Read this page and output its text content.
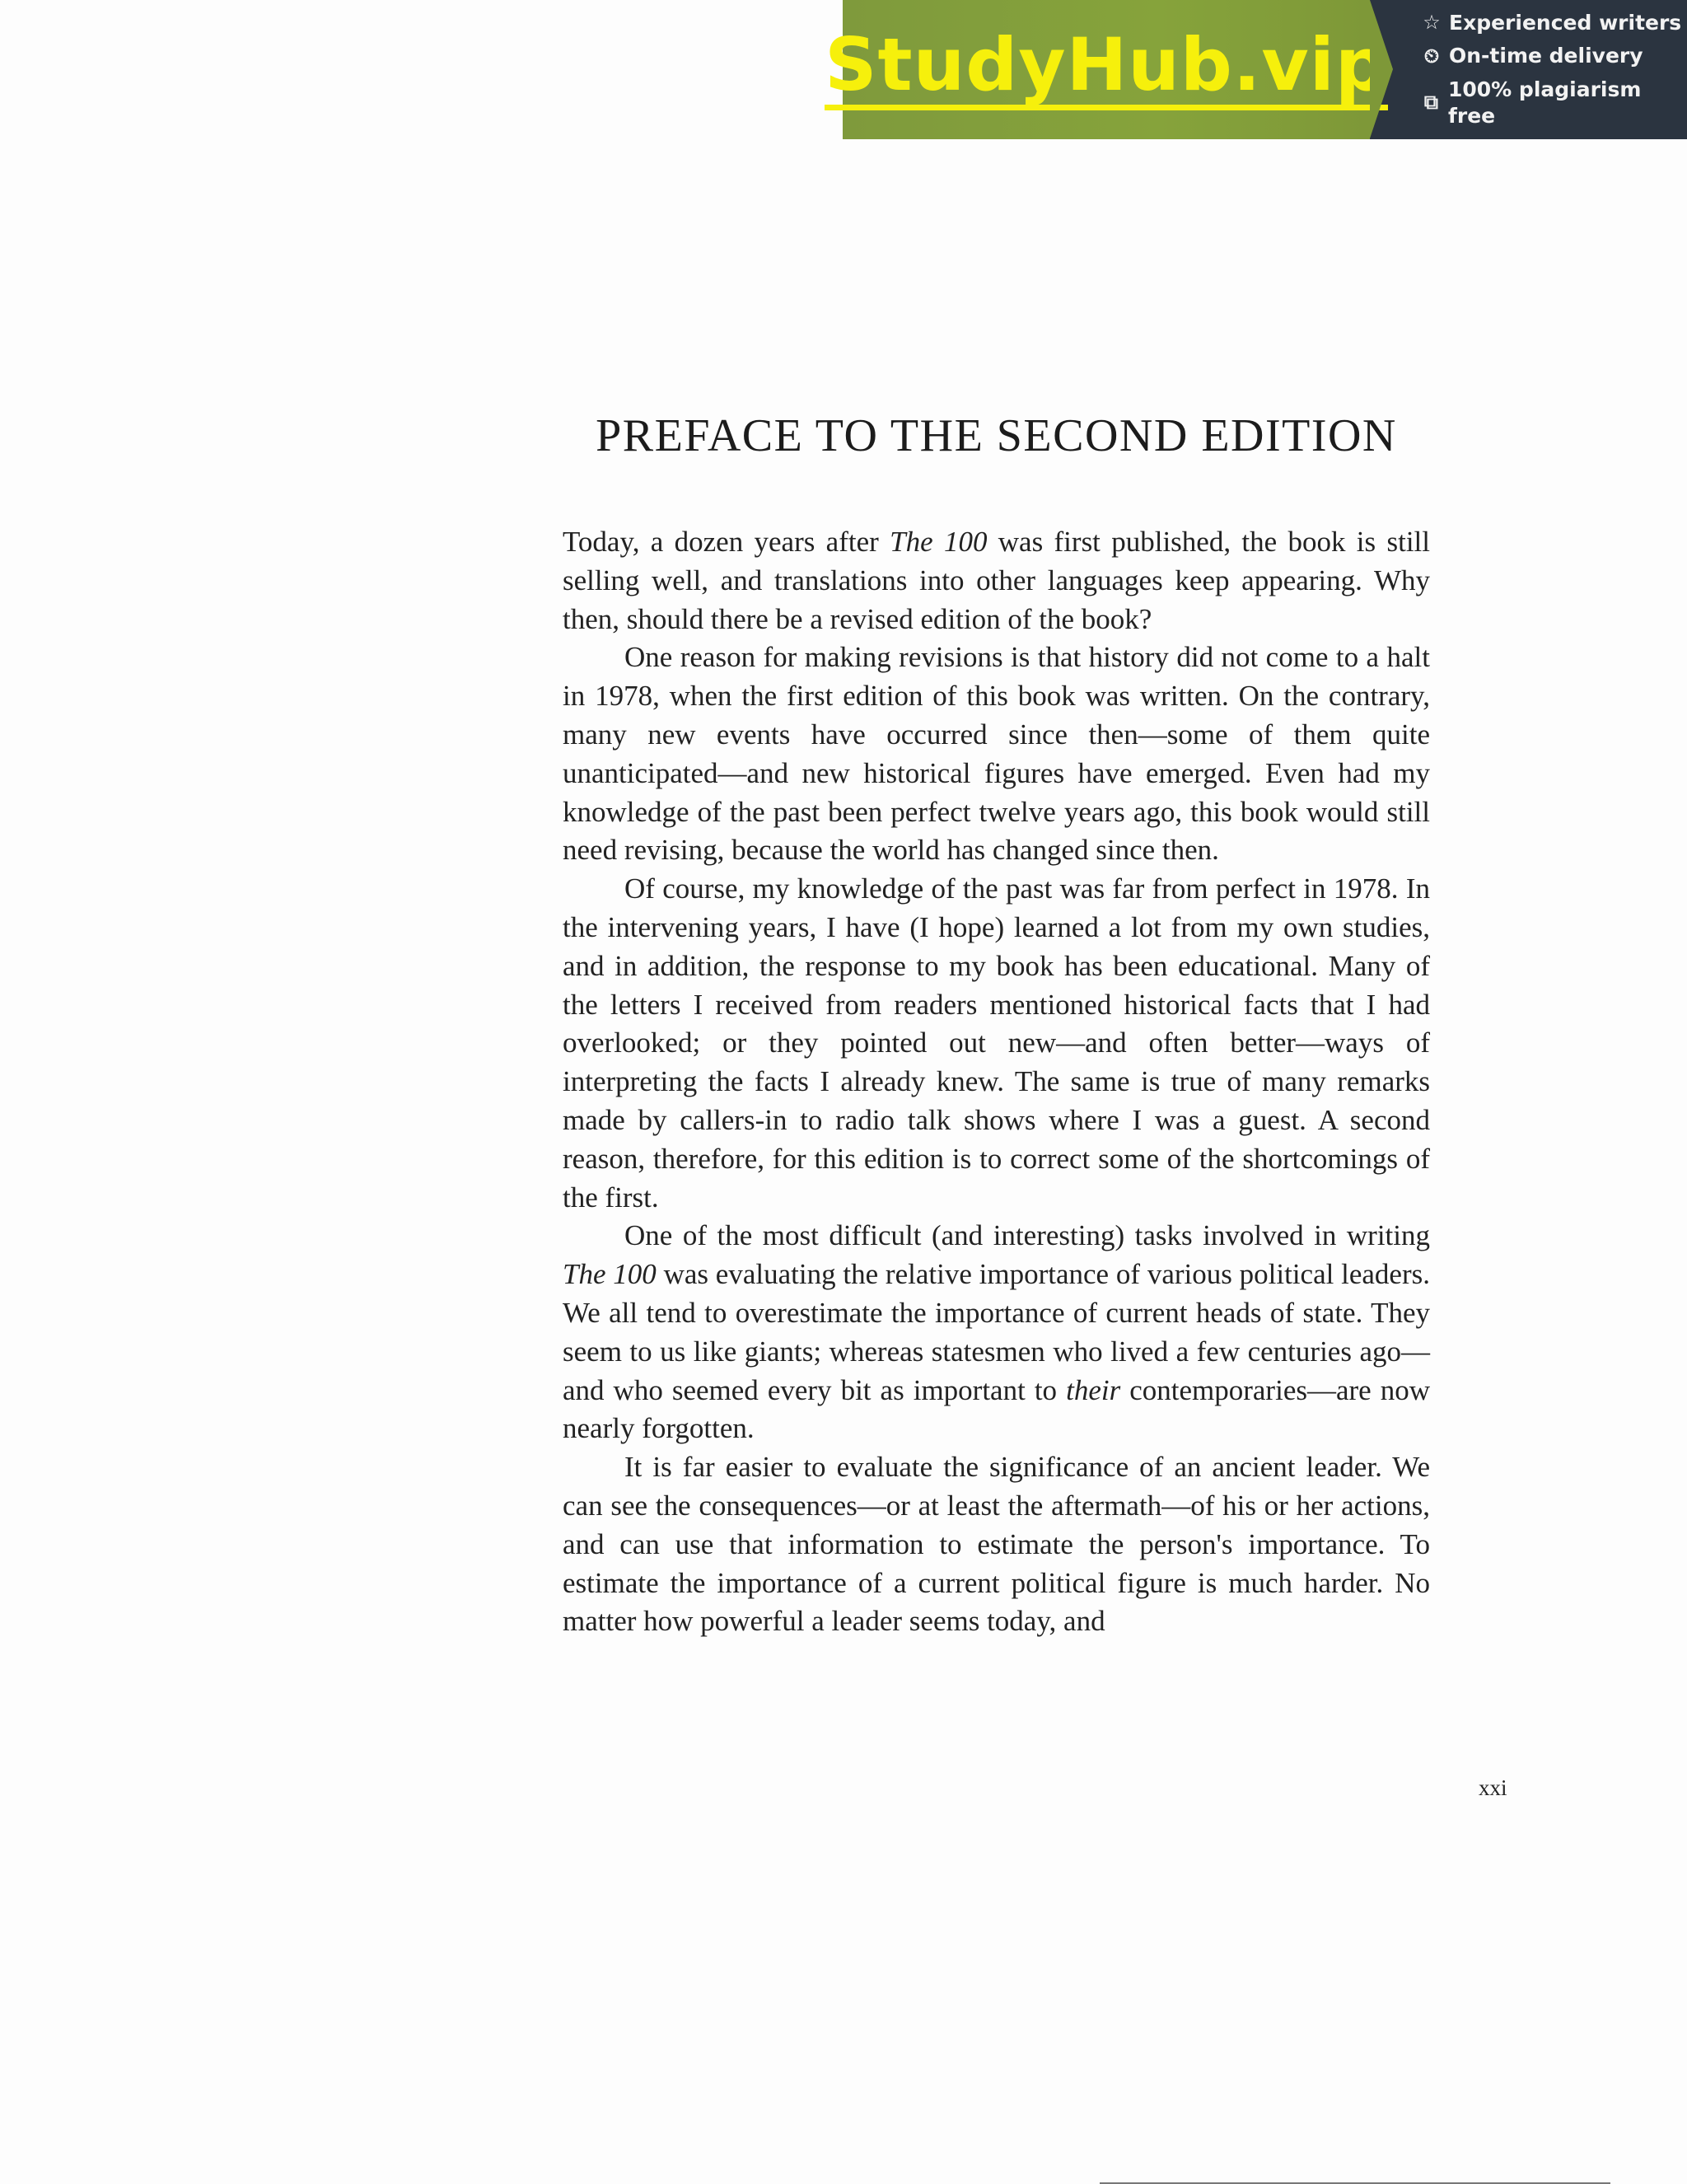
StudyHub.vip ☆ Experienced writers
⏲ On-time delivery
⧉
100% plagiarism free
PREFACE TO THE SECOND EDITION

Today, a dozen years after The 100 was first published, the book is still selling well, and translations into other languages keep appearing. Why then, should there be a revised edition of the book?

One reason for making revisions is that history did not come to a halt in 1978, when the first edition of this book was written. On the contrary, many new events have occurred since then—some of them quite unanticipated—and new historical figures have emerged. Even had my knowledge of the past been perfect twelve years ago, this book would still need revising, because the world has changed since then.

Of course, my knowledge of the past was far from perfect in 1978. In the intervening years, I have (I hope) learned a lot from my own studies, and in addition, the response to my book has been educational. Many of the letters I received from readers mentioned historical facts that I had overlooked; or they pointed out new—and often better—ways of interpreting the facts I already knew. The same is true of many remarks made by callers-in to radio talk shows where I was a guest. A second reason, therefore, for this edition is to correct some of the shortcomings of the first.

One of the most difficult (and interesting) tasks involved in writing The 100 was evaluating the relative importance of various political leaders. We all tend to overestimate the importance of current heads of state. They seem to us like giants; whereas statesmen who lived a few centuries ago—and who seemed every bit as important to their contemporaries—are now nearly forgotten.

It is far easier to evaluate the significance of an ancient leader. We can see the consequences—or at least the aftermath—of his or her actions, and can use that information to estimate the person's importance. To estimate the importance of a current political figure is much harder. No matter how powerful a leader seems today, and

xxi
